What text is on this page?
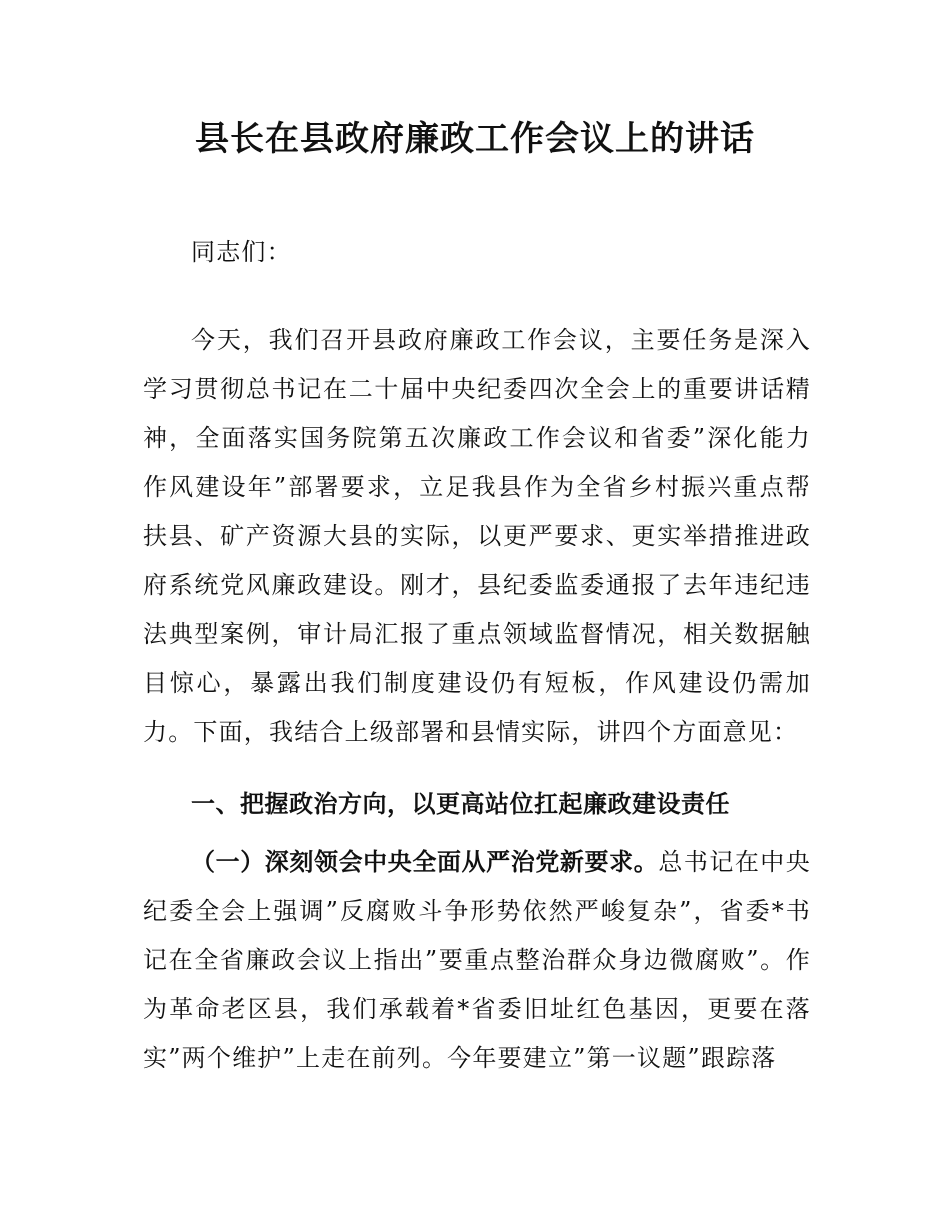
县长在县政府廉政工作会议上的讲话
同志们：
今天，我们召开县政府廉政工作会议，主要任务是深入学习贯彻总书记在二十届中央纪委四次全会上的重要讲话精神，全面落实国务院第五次廉政工作会议和省委”深化能力作风建设年”部署要求，立足我县作为全省乡村振兴重点帮扶县、矿产资源大县的实际，以更严要求、更实举措推进政府系统党风廉政建设。刚才，县纪委监委通报了去年违纪违法典型案例，审计局汇报了重点领域监督情况，相关数据触目惊心，暴露出我们制度建设仍有短板，作风建设仍需加力。下面，我结合上级部署和县情实际，讲四个方面意见：
一、把握政治方向，以更高站位扛起廉政建设责任
（一）深刻领会中央全面从严治党新要求。总书记在中央纪委全会上强调”反腐败斗争形势依然严峻复杂”，省委*书记在全省廉政会议上指出”要重点整治群众身边微腐败”。作为革命老区县，我们承载着*省委旧址红色基因，更要在落实”两个维护”上走在前列。今年要建立”第一议题”跟踪落
